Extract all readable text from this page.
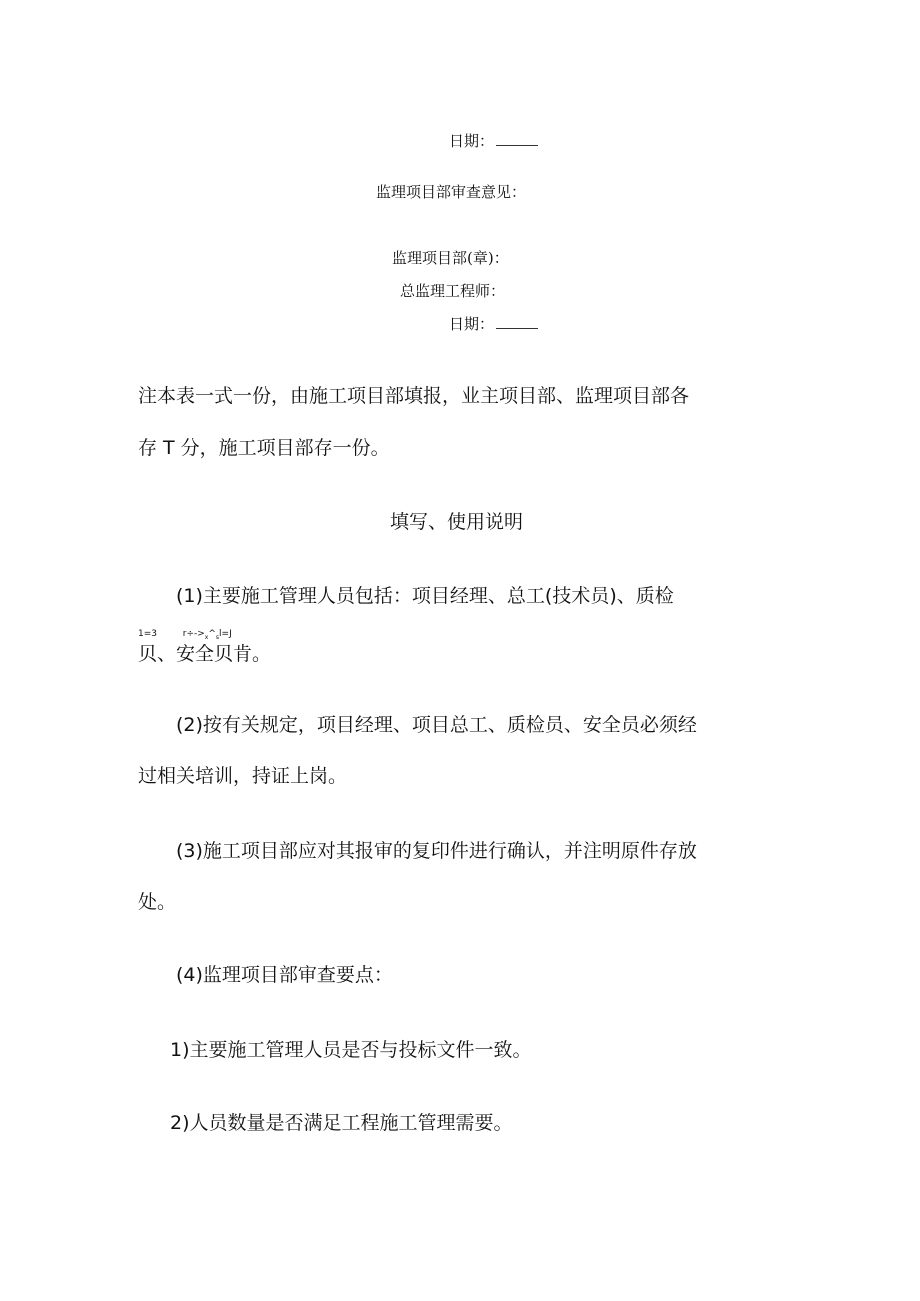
日期：
监理项目部审查意见：
监理项目部(章)：
总监理工程师：
日期：
注本表一式一份，由施工项目部填报，业主项目部、监理项目部各
存 T 分，施工项目部存一份。
填写、使用说明
(1)主要施工管理人员包括：项目经理、总工(技术员)、质检
1=3	$r\div->_x\^{}_sl=J$
贝、安全贝肯。
(2)按有关规定，项目经理、项目总工、质检员、安全员必须经
过相关培训，持证上岗。
(3)施工项目部应对其报审的复印件进行确认，并注明原件存放
处。
(4)监理项目部审查要点：
1)主要施工管理人员是否与投标文件一致。
2)人员数量是否满足工程施工管理需要。
